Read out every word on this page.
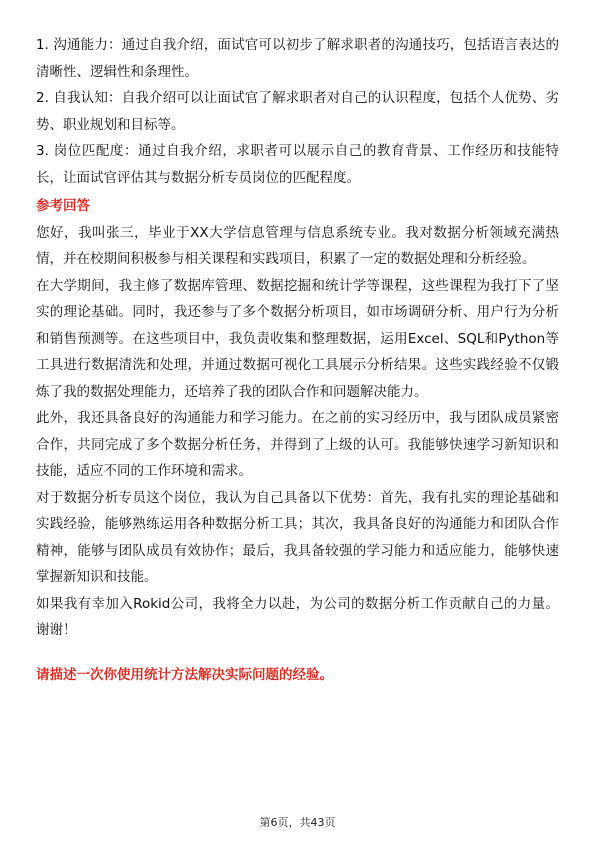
1. 沟通能力：通过自我介绍，面试官可以初步了解求职者的沟通技巧，包括语言表达的清晰性、逻辑性和条理性。

2. 自我认知：自我介绍可以让面试官了解求职者对自己的认识程度，包括个人优势、劣势、职业规划和目标等。

3. 岗位匹配度：通过自我介绍，求职者可以展示自己的教育背景、工作经历和技能特长，让面试官评估其与数据分析专员岗位的匹配程度。

参考回答

您好，我叫张三，毕业于XX大学信息管理与信息系统专业。我对数据分析领域充满热情，并在校期间积极参与相关课程和实践项目，积累了一定的数据处理和分析经验。

在大学期间，我主修了数据库管理、数据挖掘和统计学等课程，这些课程为我打下了坚实的理论基础。同时，我还参与了多个数据分析项目，如市场调研分析、用户行为分析和销售预测等。在这些项目中，我负责收集和整理数据，运用Excel、SQL和Python等工具进行数据清洗和处理，并通过数据可视化工具展示分析结果。这些实践经验不仅锻炼了我的数据处理能力，还培养了我的团队合作和问题解决能力。

此外，我还具备良好的沟通能力和学习能力。在之前的实习经历中，我与团队成员紧密合作，共同完成了多个数据分析任务，并得到了上级的认可。我能够快速学习新知识和技能，适应不同的工作环境和需求。

对于数据分析专员这个岗位，我认为自己具备以下优势：首先，我有扎实的理论基础和实践经验，能够熟练运用各种数据分析工具；其次，我具备良好的沟通能力和团队合作精神，能够与团队成员有效协作；最后，我具备较强的学习能力和适应能力，能够快速掌握新知识和技能。

如果我有幸加入Rokid公司，我将全力以赴，为公司的数据分析工作贡献自己的力量。谢谢！

请描述一次你使用统计方法解决实际问题的经验。
第6页，共43页
